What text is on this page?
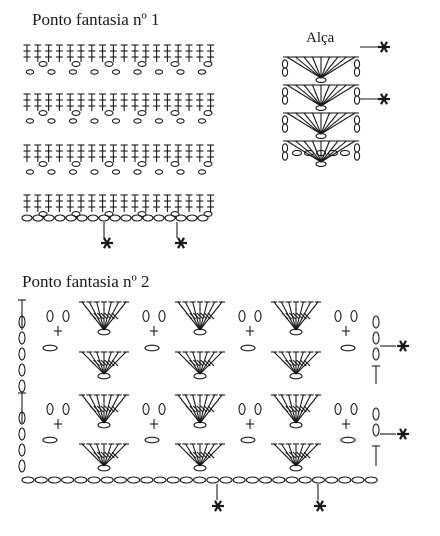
Ponto fantasia nº 1
Alça
Ponto fantasia nº 2
